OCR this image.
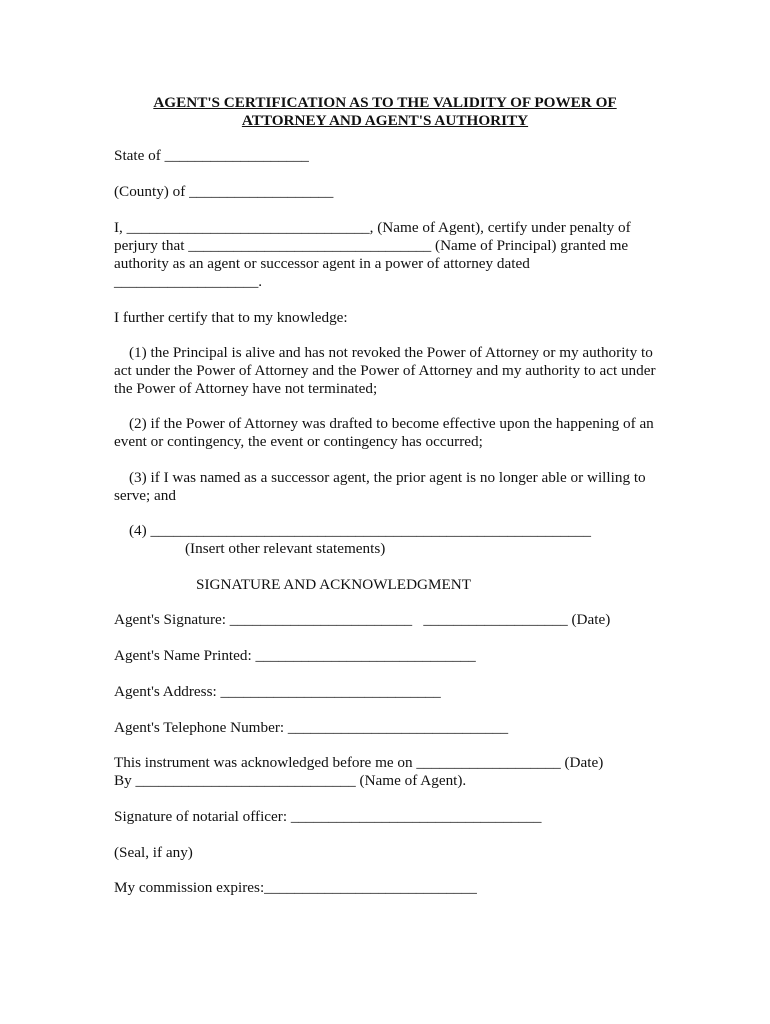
AGENT'S CERTIFICATION AS TO THE VALIDITY OF POWER OF
ATTORNEY AND AGENT'S AUTHORITY
State of ___________________
(County) of ___________________
I, ________________________________, (Name of Agent), certify under penalty of
perjury that ________________________________ (Name of Principal) granted me
authority as an agent or successor agent in a power of attorney dated
___________________.
I further certify that to my knowledge:

(1) the Principal is alive and has not revoked the Power of Attorney or my authority to act under the Power of Attorney and the Power of Attorney and my authority to act under the Power of Attorney have not terminated;

(2) if the Power of Attorney was drafted to become effective upon the happening of an event or contingency, the event or contingency has occurred;

(3) if I was named as a successor agent, the prior agent is no longer able or willing to serve; and

(4) __________________________________________________________
(Insert other relevant statements)
SIGNATURE AND ACKNOWLEDGMENT
Agent's Signature: ________________________   ___________________ (Date)
Agent's Name Printed: _____________________________
Agent's Address: _____________________________
Agent's Telephone Number: _____________________________
This instrument was acknowledged before me on ___________________ (Date)
By _____________________________ (Name of Agent).
Signature of notarial officer: _________________________________
(Seal, if any)
My commission expires:____________________________
